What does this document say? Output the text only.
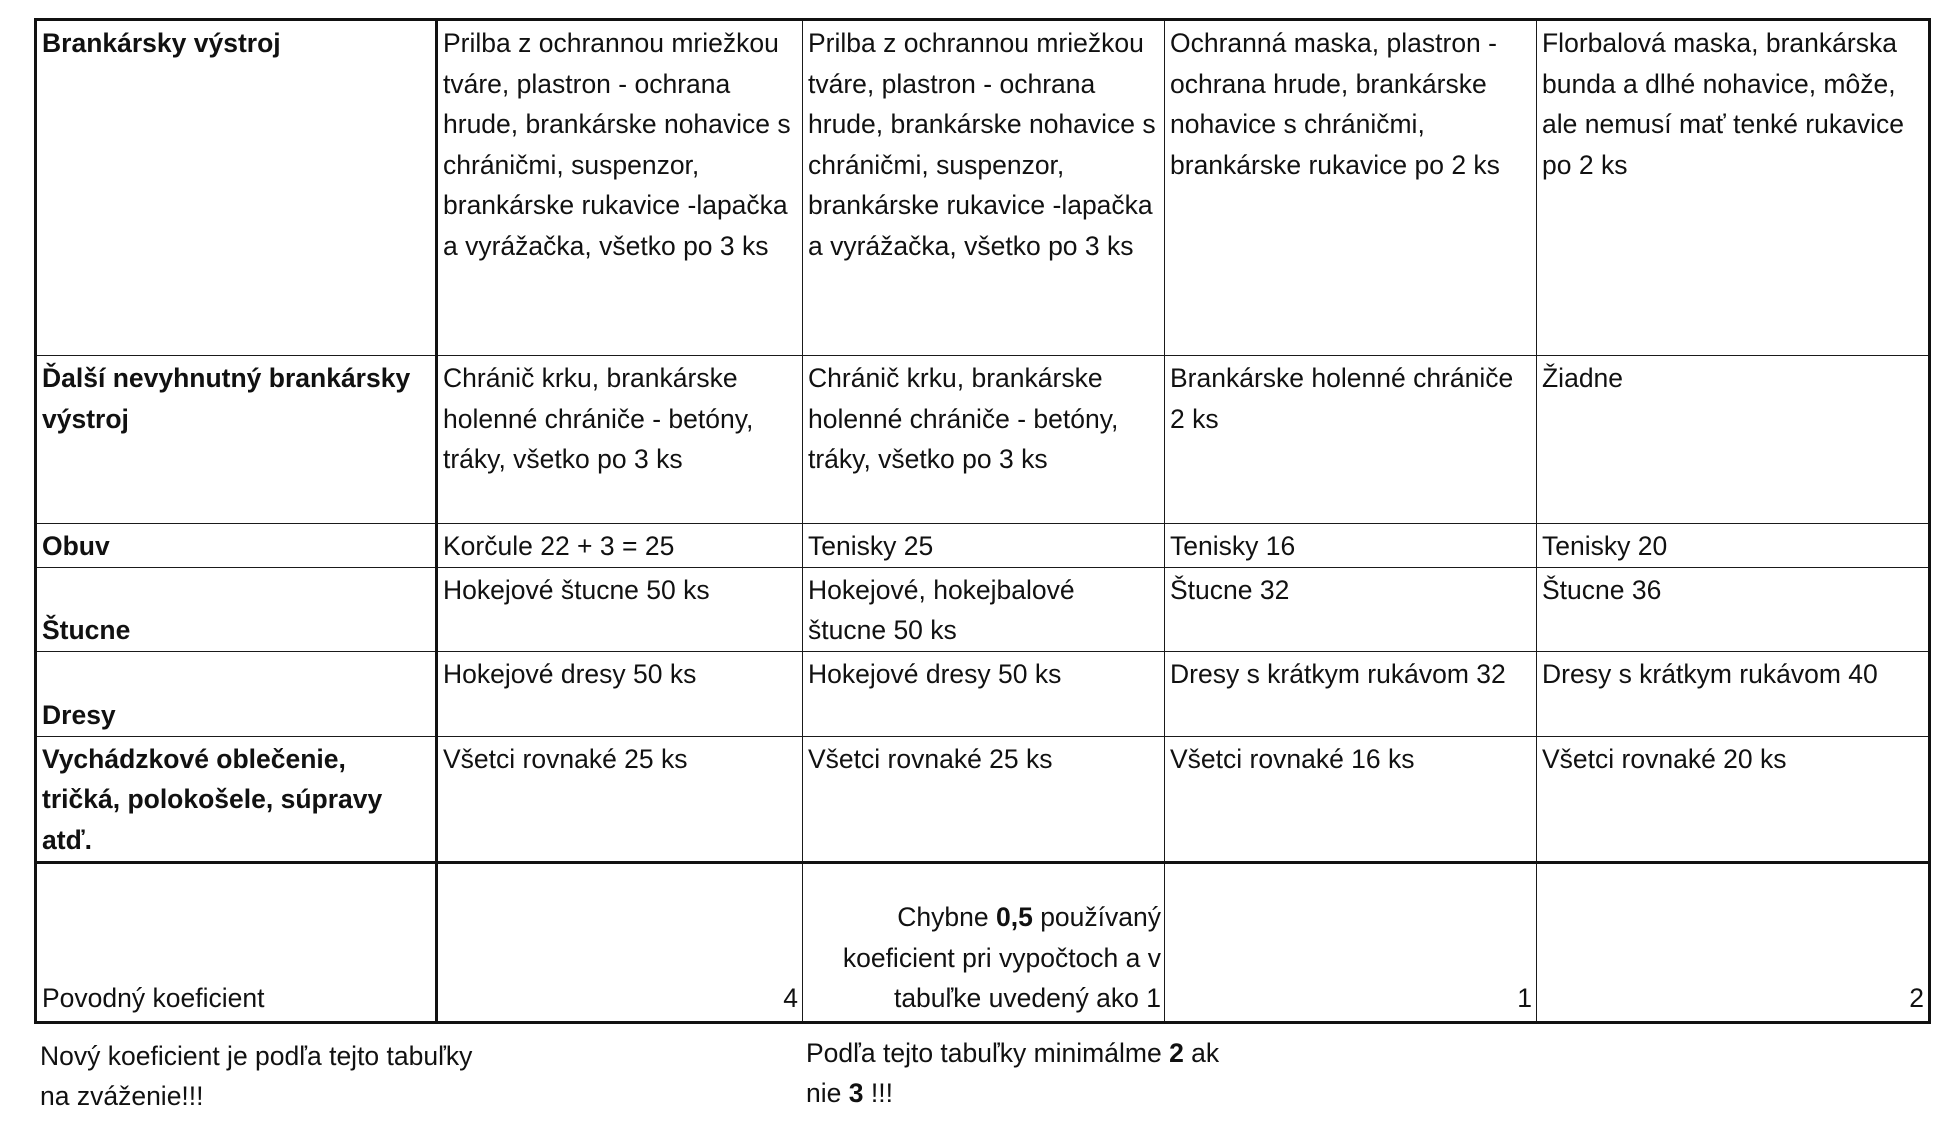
Brankársky výstroj	Prilba z ochrannou mriežkou tváre, plastron - ochrana hrude, brankárske nohavice s chráničmi, suspenzor, brankárske rukavice -lapačka a vyrážačka, všetko po 3 ks	Prilba z ochrannou mriežkou tváre, plastron - ochrana hrude, brankárske nohavice s chráničmi, suspenzor, brankárske rukavice -lapačka a vyrážačka, všetko po 3 ks	Ochranná maska, plastron - ochrana hrude, brankárske nohavice s chráničmi, brankárske rukavice po 2 ks	Florbalová maska, brankárska bunda a dlhé nohavice, môže, ale nemusí mať tenké rukavice po 2 ks
Ďalší nevyhnutný brankársky výstroj	Chránič krku, brankárske holenné chrániče - betóny, tráky, všetko po 3 ks	Chránič krku, brankárske holenné chrániče - betóny, tráky, všetko po 3 ks	Brankárske holenné chrániče 2 ks	Žiadne
Obuv	Korčule 22 + 3 = 25	Tenisky 25	Tenisky 16	Tenisky 20
Štucne	Hokejové štucne 50 ks	Hokejové, hokejbalové štucne 50 ks	Štucne 32	Štucne 36
Dresy	Hokejové dresy 50 ks	Hokejové dresy 50 ks	Dresy s krátkym rukávom 32	Dresy s krátkym rukávom 40
Vychádzkové oblečenie, tričká, polokošele, súpravy atď.	Všetci rovnaké 25 ks	Všetci rovnaké 25 ks	Všetci rovnaké 16 ks	Všetci rovnaké 20 ks
Povodný koeficient	4	Chybne 0,5 používaný koeficient pri vypočtoch a v tabuľke uvedený ako 1	1	2
Nový koeficient je podľa tejto tabuľky na zváženie!!!
Podľa tejto tabuľky minimálme 2 ak nie 3 !!!
